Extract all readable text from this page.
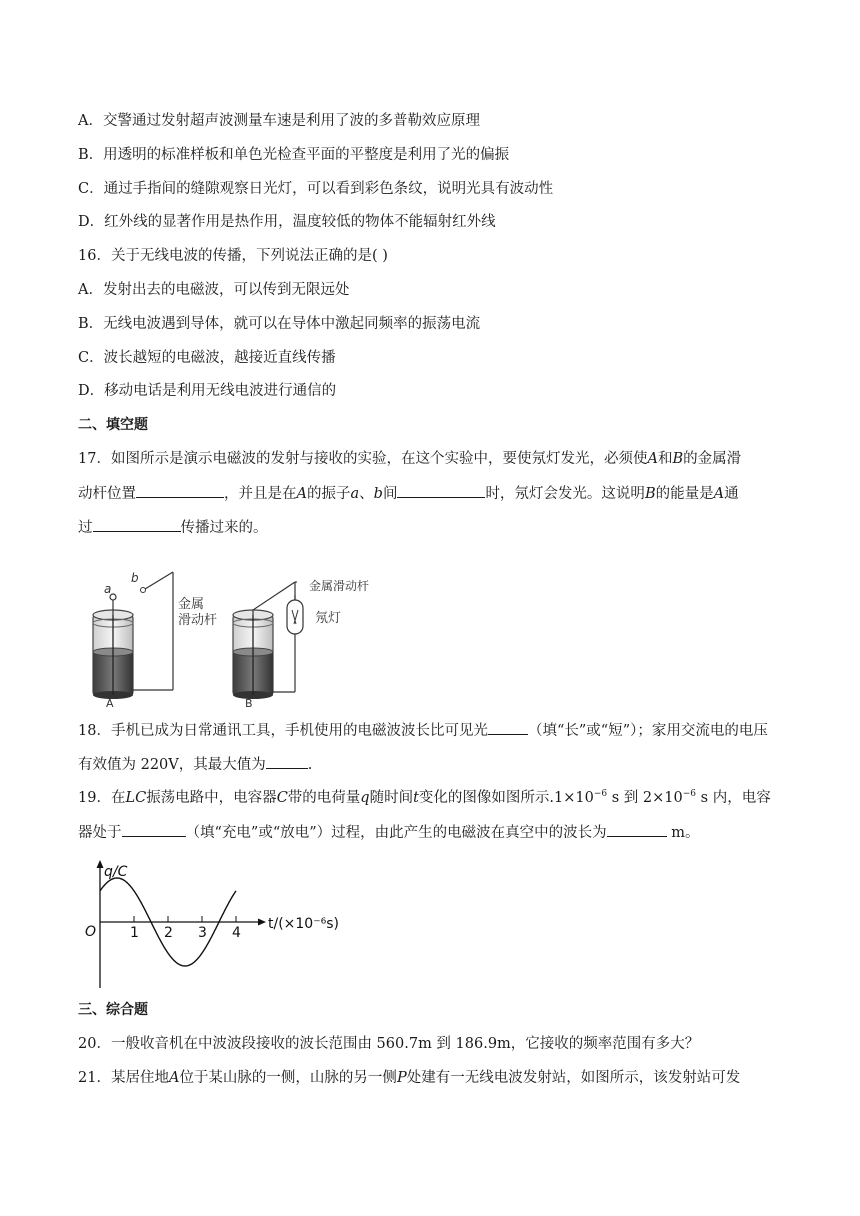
A．交警通过发射超声波测量车速是利用了波的多普勒效应原理
B．用透明的标准样板和单色光检查平面的平整度是利用了光的偏振
C．通过手指间的缝隙观察日光灯，可以看到彩色条纹，说明光具有波动性
D．红外线的显著作用是热作用，温度较低的物体不能辐射红外线
16．关于无线电波的传播，下列说法正确的是( )
A．发射出去的电磁波，可以传到无限远处
B．无线电波遇到导体，就可以在导体中激起同频率的振荡电流
C．波长越短的电磁波，越接近直线传播
D．移动电话是利用无线电波进行通信的
二、填空题
17．如图所示是演示电磁波的发射与接收的实验，在这个实验中，要使氖灯发光，必须使A和B的金属滑
动杆位置	，并且是在A的振子a、b间	时，氖灯会发光。这说明B的能量是A通
过	传播过来的。
a
b
金属
滑动杆
A
金属滑动杆
氖灯
B
18．手机已成为日常通讯工具，手机使用的电磁波波长比可见光	（填“长”或“短”）；家用交流电的电压
有效值为 220V，其最大值为	.
19．在LC振荡电路中，电容器C带的电荷量q随时间t变化的图像如图所示$.1\times 10^{-6}$ s 到 $2\times 10^{-6}$ s 内，电容
器处于	（填“充电”或“放电”）过程，由此产生的电磁波在真空中的波长为	m。
q/C
t/(×10⁻⁶s)
O 1 2 3 4
三、综合题
20．一般收音机在中波波段接收的波长范围由 560.7m 到 186.9m，它接收的频率范围有多大？
21．某居住地A位于某山脉的一侧，山脉的另一侧P处建有一无线电波发射站，如图所示，该发射站可发
